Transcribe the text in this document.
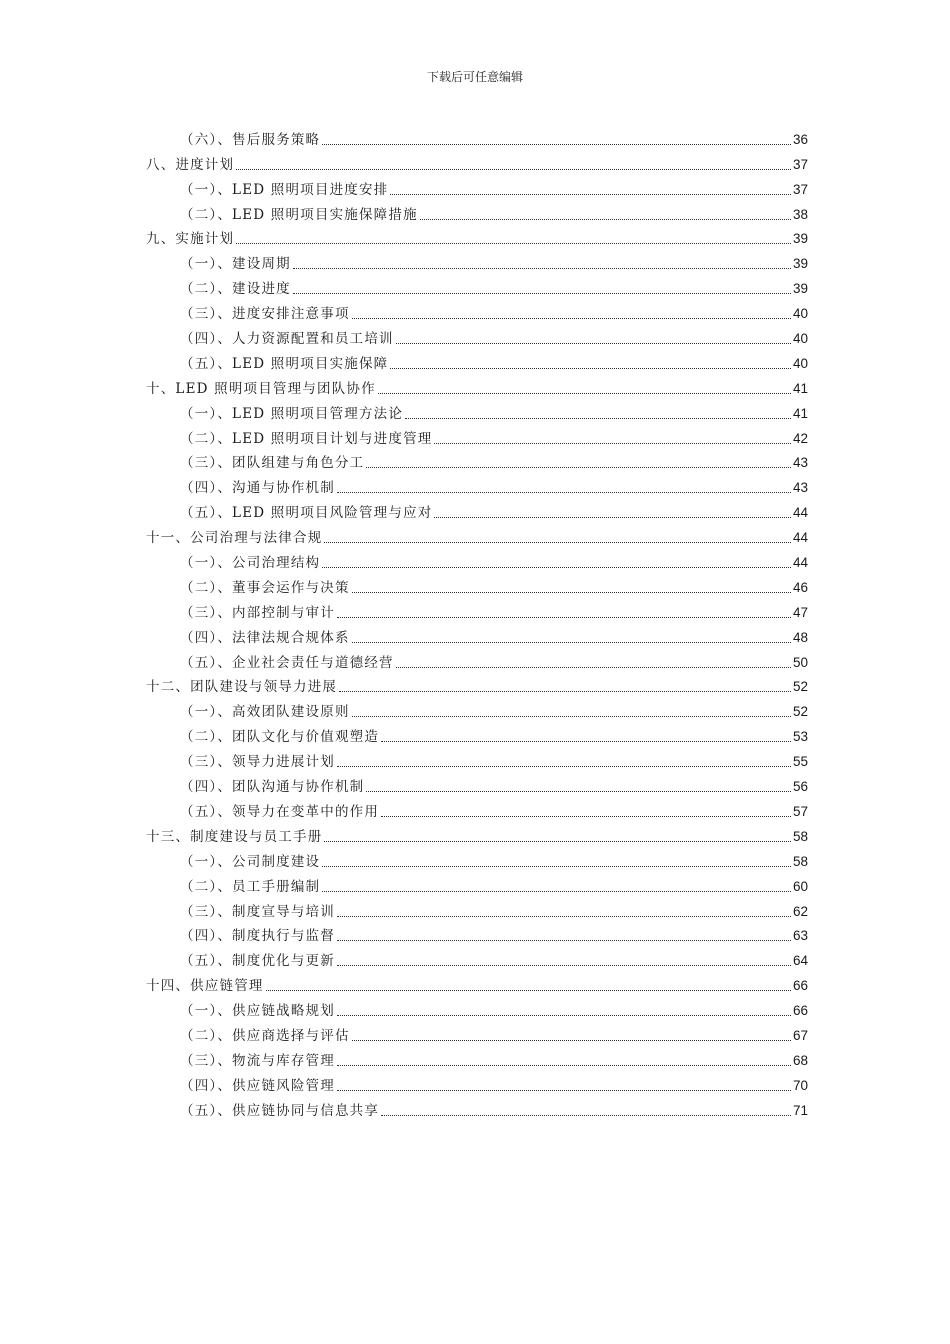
下载后可任意编辑
（六）、售后服务策略	36
八、进度计划	37
（一）、LED 照明项目进度安排	37
（二）、LED 照明项目实施保障措施	38
九、实施计划	39
（一）、建设周期	39
（二）、建设进度	39
（三）、进度安排注意事项	40
（四）、人力资源配置和员工培训	40
（五）、LED 照明项目实施保障	40
十、LED 照明项目管理与团队协作	41
（一）、LED 照明项目管理方法论	41
（二）、LED 照明项目计划与进度管理	42
（三）、团队组建与角色分工	43
（四）、沟通与协作机制	43
（五）、LED 照明项目风险管理与应对	44
十一、公司治理与法律合规	44
（一）、公司治理结构	44
（二）、董事会运作与决策	46
（三）、内部控制与审计	47
（四）、法律法规合规体系	48
（五）、企业社会责任与道德经营	50
十二、团队建设与领导力进展	52
（一）、高效团队建设原则	52
（二）、团队文化与价值观塑造	53
（三）、领导力进展计划	55
（四）、团队沟通与协作机制	56
（五）、领导力在变革中的作用	57
十三、制度建设与员工手册	58
（一）、公司制度建设	58
（二）、员工手册编制	60
（三）、制度宣导与培训	62
（四）、制度执行与监督	63
（五）、制度优化与更新	64
十四、供应链管理	66
（一）、供应链战略规划	66
（二）、供应商选择与评估	67
（三）、物流与库存管理	68
（四）、供应链风险管理	70
（五）、供应链协同与信息共享	71
